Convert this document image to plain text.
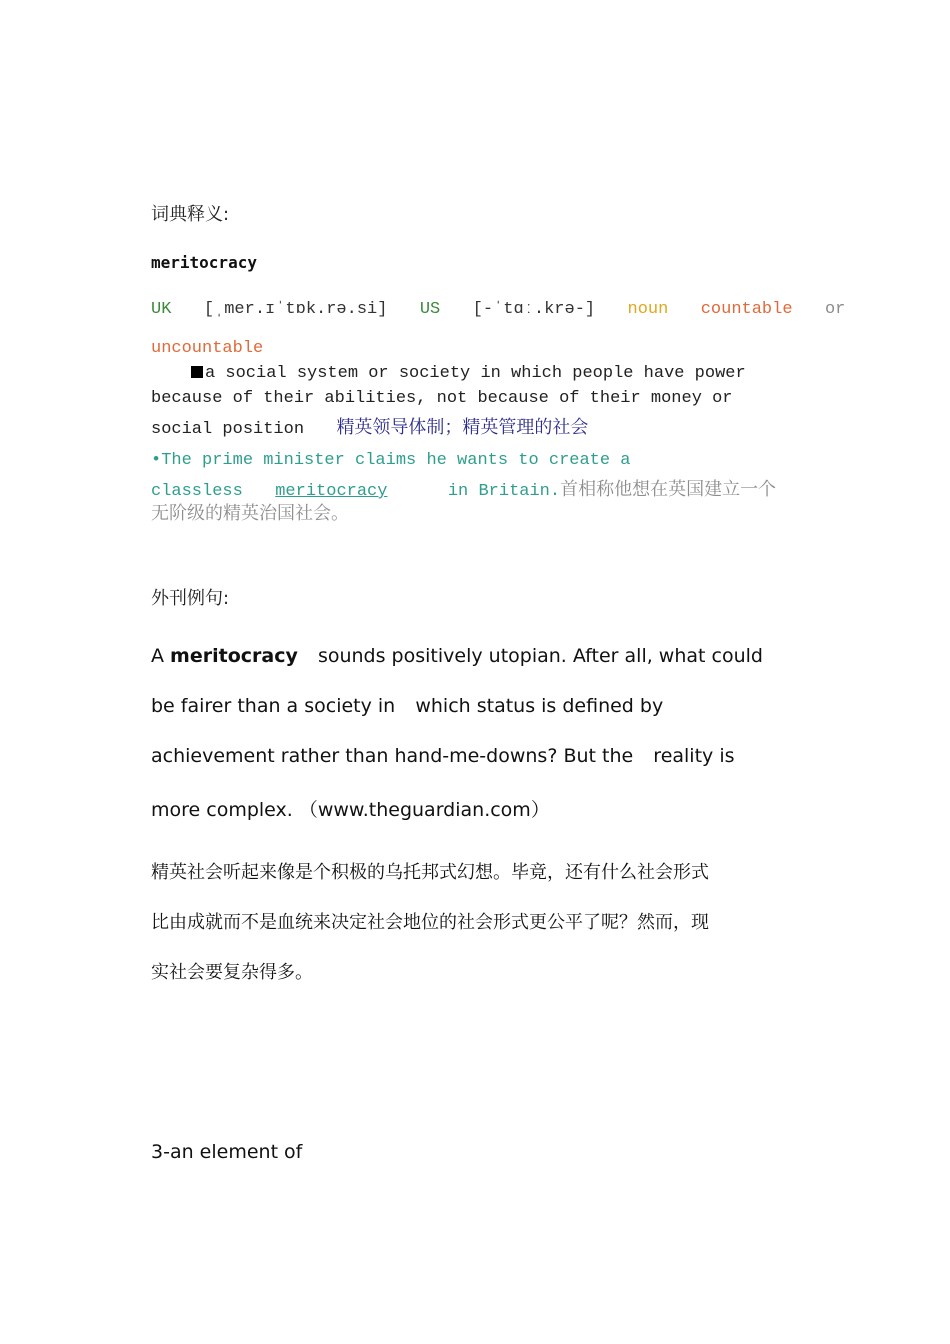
词典释义:
meritocracy
UK [ˌmer.ɪˈtɒk.rə.si] US [-ˈtɑː.krə-] noun countable or
uncountable
a social system or society in which people have power
because of their abilities, not because of their money or
social position 精英领导体制；精英管理的社会
•The prime minister claims he wants to create a
classless meritocracy	in Britain.首相称他想在英国建立一个
无阶级的精英治国社会。
外刊例句:
A meritocracy sounds positively utopian. After all, what could
be fairer than a society in which status is defined by
achievement rather than hand-me-downs? But the reality is
more complex. （www.theguardian.com）
精英社会听起来像是个积极的乌托邦式幻想。毕竟，还有什么社会形式
比由成就而不是血统来决定社会地位的社会形式更公平了呢？然而，现
实社会要复杂得多。
3-an element of
